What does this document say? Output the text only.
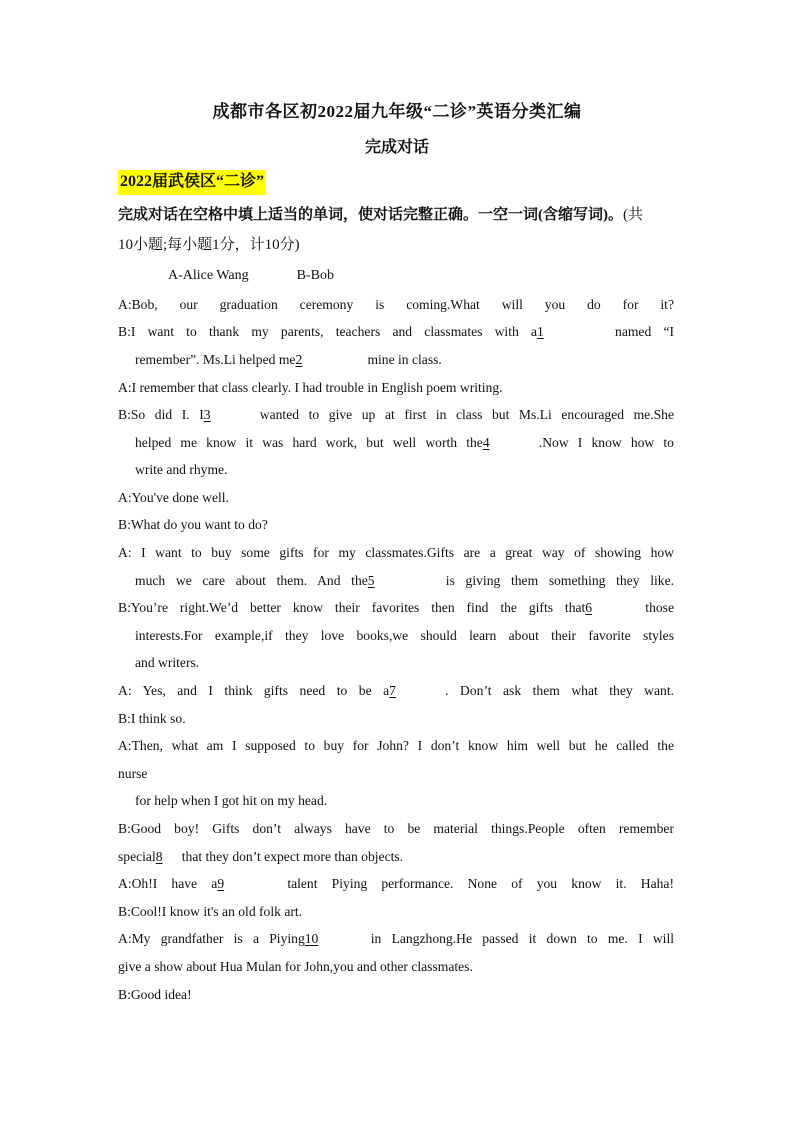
成都市各区初2022届九年级“二诊”英语分类汇编
完成对话
2022届武侯区“二诊”
完成对话在空格中填上适当的单词，使对话完整正确。一空一词(含缩写词)。(共
10小题;每小题1分，计10分)
A-Alice Wang	B-Bob
A:Bob, our graduation ceremony is coming.What will you do for it?
B:I want to thank my parents, teachers and classmates with a1	named “I
remember”. Ms.Li helped me2	mine in class.
A:I remember that class clearly. I had trouble in English poem writing.
B:So did I. I3	wanted to give up at first in class but Ms.Li encouraged me.She
helped me know it was hard work, but well worth the4	.Now I know how to
write and rhyme.
A:You've done well.
B:What do you want to do?
A: I want to buy some gifts for my classmates.Gifts are a great way of showing how
much we care about them. And the5	is giving them something they like.
B:You’re right.We’d better know their favorites then find the gifts that6	those
interests.For example,if they love books,we should learn about their favorite styles
and writers.
A: Yes, and I think gifts need to be a7	. Don’t ask them what they want.
B:I think so.
A:Then, what am I supposed to buy for John? I don’t know him well but he called the
nurse
for help when I got hit on my head.
B:Good boy! Gifts don’t always have to be material things.People often remember
special8 that they don’t expect more than objects.
A:Oh!I have a9	talent Piying performance. None of you know it. Haha!
B:Cool!I know it's an old folk art.
A:My grandfather is a Piying10	in Langzhong.He passed it down to me. I will
give a show about Hua Mulan for John,you and other classmates.
B:Good idea!
